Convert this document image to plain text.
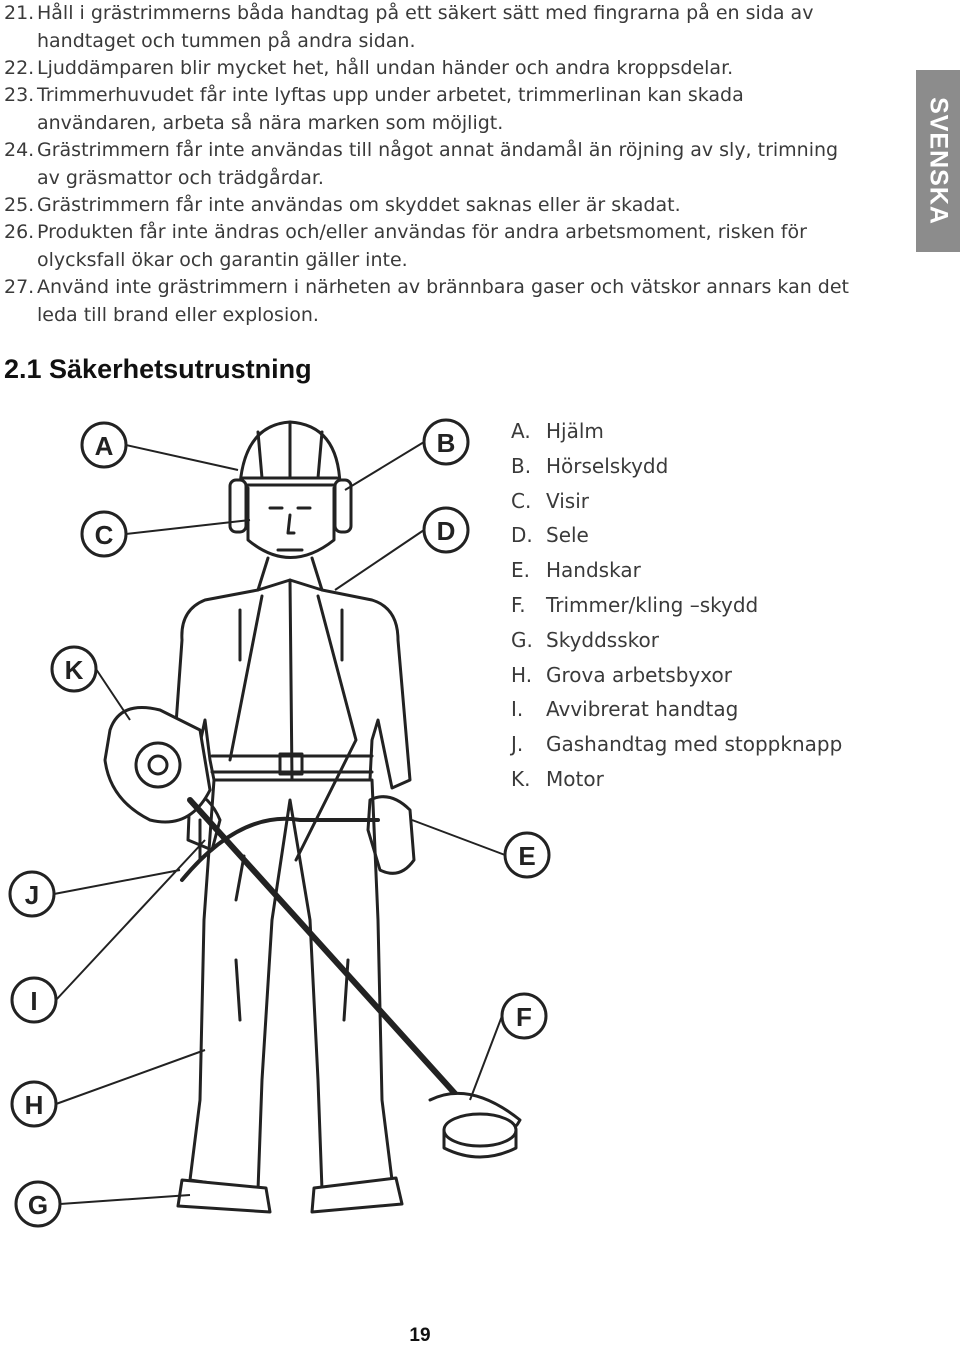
21. Håll i grästrimmerns båda handtag på ett säkert sätt med fingrarna på en sida av handtaget och tummen på andra sidan.
22. Ljuddämparen blir mycket het, håll undan händer och andra kroppsdelar.
23. Trimmerhuvudet får inte lyftas upp under arbetet, trimmerlinan kan skada användaren, arbeta så nära marken som möjligt.
24. Grästrimmern får inte användas till något annat ändamål än röjning av sly, trimning av gräsmattor och trädgårdar.
25. Grästrimmern får inte användas om skyddet saknas eller är skadat.
26. Produkten får inte ändras och/eller användas för andra arbetsmoment, risken för olycksfall ökar och garantin gäller inte.
27. Använd inte grästrimmern i närheten av brännbara gaser och vätskor annars kan det leda till brand eller explosion.
SVENSKA
2.1 Säkerhetsutrustning
A	B
C	D
K
E
J
I
F
H
G
A. Hjälm
B. Hörselskydd
C. Visir
D. Sele
E. Handskar
F. Trimmer/kling –skydd
G. Skyddsskor
H. Grova arbetsbyxor
I. Avvibrerat handtag
J. Gashandtag med stoppknapp
K. Motor
19
